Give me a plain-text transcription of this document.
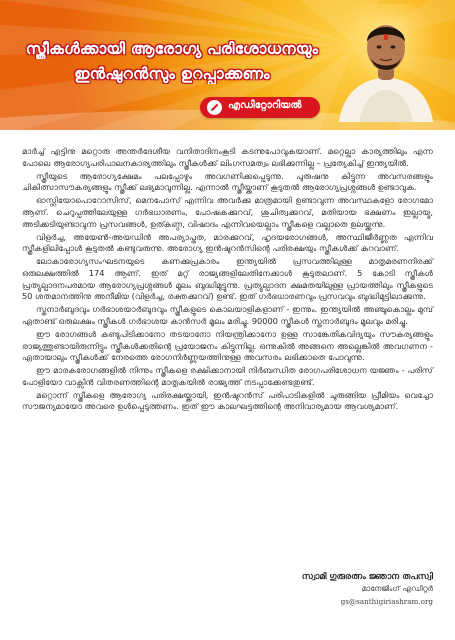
സ്ത്രീകൾക്കായി ആരോഗ്യ പരിശോധനയും
ഇൻഷുറൻസും ഉറപ്പാക്കണം
എഡിറ്റോറിയൽ

മാർച്ച് എട്ടിനു മറ്റൊരു അന്തർദേശീയ വനിതാദിനംകൂടി കടന്നുപോവുകയാണ്. മറ്റെല്ലാ കാര്യത്തിലും എന്ന പോലെ ആരോഗ്യപരിപാലനകാര്യത്തിലും സ്ത്രീകൾക്ക് ലിംഗസമത്വം ലഭിക്കുന്നില്ല – പ്രത്യേകിച്ച് ഇന്ത്യയിൽ.

സ്ത്രീയുടെ ആരോഗ്യക്ഷേമം പലപ്പോഴും അവഗണിക്കപ്പെടുന്നു. പുരുഷനു കിട്ടുന്ന അവസരങ്ങളും ചികിത്സാസൗകര്യങ്ങളും സ്ത്രീക്ക് ലഭ്യമാവുന്നില്ല. എന്നാൽ സ്ത്രീയ്ക്കാണ് കൂടുതൽ ആരോഗ്യപ്രശ്നങ്ങൾ ഉണ്ടാവുക.

ഓസ്റ്റിയോപൊറോസിസ്, മെനപോസ് എന്നിവ അവർക്കു മാത്രമായി ഉണ്ടാവുന്ന അവസ്ഥകളോ രോഗമോ ആണ്. ചെറുപ്പത്തിലേയുള്ള ഗർഭധാരണം, പോഷകക്കുറവ്, ശുചിത്വക്കുറവ്, മതിയായ ഭക്ഷണം ഇല്ലായ്മ, അടിക്കടിയുണ്ടാവുന്ന പ്രസവങ്ങൾ, ഉത്കണ്ഠ, വിഷാദം എന്നിവയെല്ലാം സ്ത്രീകളെ വല്ലാതെ ഉലയ്ക്കുന്നു.

വിളർച്ച, അയേൺ-അയഡിൻ അപര്യാപ്തത, മാരക്കുറവ്, ഹൃദയരോഗങ്ങൾ, അസ്ഥിജീർണ്ണത എന്നിവ സ്ത്രീകളിലിപ്പോൾ കൂടുതൽ കണ്ടുവരുന്നു. അരോഗ്യ ഇൻഷുറൻസിന്റെ പരിരക്ഷയും സ്ത്രീകൾക്ക് കുറവാണ്.

ലോകാരോഗ്യസംഘടനയുടെ കണക്കുപ്രകാരം ഇന്ത്യയിൽ പ്രസവത്തിലുള്ള മാതൃമരണനിരക്ക് ഒരുലക്ഷത്തിൽ 174 ആണ്. ഇത് മറ്റ് രാജ്യങ്ങളിലേതിനേക്കാൾ കൂടുതലാണ്. 5 കോടി സ്ത്രീകൾ പ്രത്യുല്പാദനപരമായ ആരോഗ്യപ്രശ്നങ്ങൾ മൂലം ബുദ്ധിമുട്ടുന്നു. പ്രത്യുല്പാദന ക്ഷമതയിലുള്ള പ്രായത്തിലും സ്ത്രീകളുടെ 50 ശതമാനത്തിനു അനീമിയ (വിളർച്ച, രക്തക്കുറവ്) ഉണ്ട്. ഇത് ഗർഭധാരണവും പ്രസവവും ബുദ്ധിമുട്ടിലാക്കുന്നു.

സ്തനാർബുദവും ഗർഭാശയാർബുദവും സ്ത്രീകളുടെ കൊലയാളികളാണ് - ഇന്നും. ഇന്ത്യയിൽ അഞ്ചുകൊല്ലം മുമ്പ് ഏതാണ്ട് ഒരുലക്ഷം സ്ത്രീകൾ ഗർഭാശയ കാൻസർ മൂലം മരിച്ചു. 90000 സ്ത്രീകൾ സ്തനാർബുദം മൂലവും മരിച്ചു.

ഈ രോഗങ്ങൾ കണ്ടുപിടിക്കാനോ തടയാനോ നിയന്ത്രിക്കാനോ ഉള്ള സാങ്കേതികവിദ്യയും സൗകര്യങ്ങളും രാജ്യത്തുണ്ടായിരുന്നിട്ടും സ്ത്രീകൾക്കതിന്റെ പ്രയോജനം കിട്ടുന്നില്ല. ഒന്നുകിൽ അങ്ങനെ അല്ലെങ്കിൽ അവഗണന - ഏതായാലും സ്ത്രീകൾക്ക് നേരത്തെ രോഗനിർണ്ണയത്തിനുള്ള അവസരം ലഭിക്കാതെ പോവുന്നു.

ഈ മാരകരോഗങ്ങളിൽ നിന്നും സ്ത്രീകളെ രക്ഷിക്കാനായി നിർബന്ധിത രോഗപരിശോധന യജ്ഞം - പരിസ് പോളിയോ വാക്സിൻ വിതരണത്തിന്റെ മാതൃകയിൽ രാജ്യത്ത് നടപ്പാക്കേണ്ടതുണ്ട്.

മറ്റൊന്ന് സ്ത്രീകളെ ആരോഗ്യ പരിരക്ഷയ്ക്കായി, ഇൻഷുറൻസ് പരിപാടികളിൽ ചുരുങ്ങിയ പ്രീമിയം വെച്ചോ സൗജന്യമായോ അവരെ ഉൾപ്പെടുത്തണം. ഇത് ഈ കാലഘട്ടത്തിന്റെ അനിവാര്യമായ ആവശ്യമാണ്.

സ്വാമി ഗുരുരത്നം ജ്ഞാന തപസ്വി
മാനേജിംഗ് എഡിറ്റർ
gs@santhigiriashram.org
